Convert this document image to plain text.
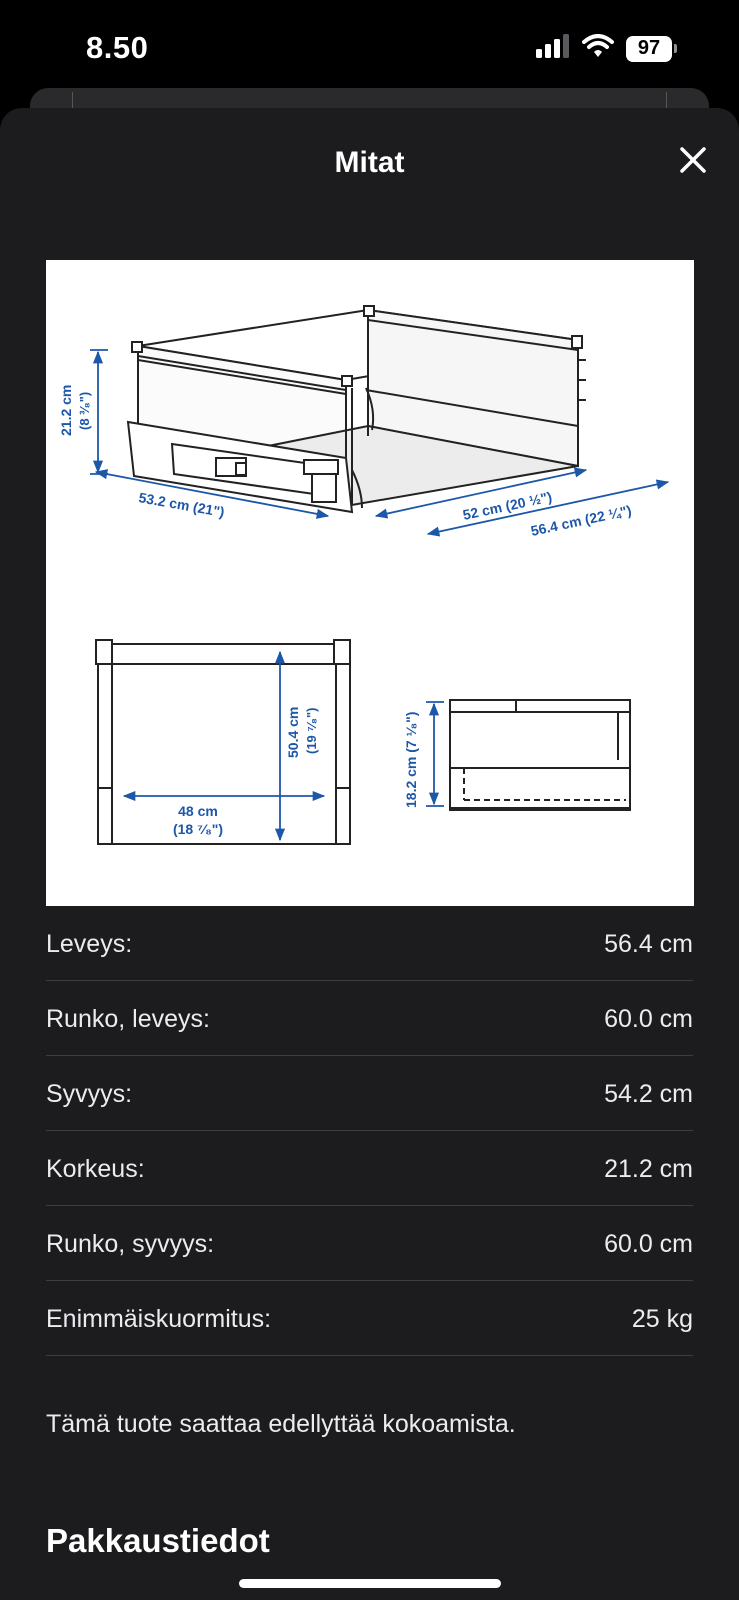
8.50	97
Mitat
21.2 cm (8 ³⁄₈")
53.2 cm (21")	52 cm (20 ½")
56.4 cm (22 ¼")
50.4 cm (19 ⁷⁄₈")
48 cm
(18 ⁷⁄₈")
18.2 cm (7 ¹⁄₈")
Leveys:	56.4 cm
Runko, leveys:	60.0 cm
Syvyys:	54.2 cm
Korkeus:	21.2 cm
Runko, syvyys:	60.0 cm
Enimmäiskuormitus:	25 kg
Tämä tuote saattaa edellyttää kokoamista.
Pakkaustiedot
